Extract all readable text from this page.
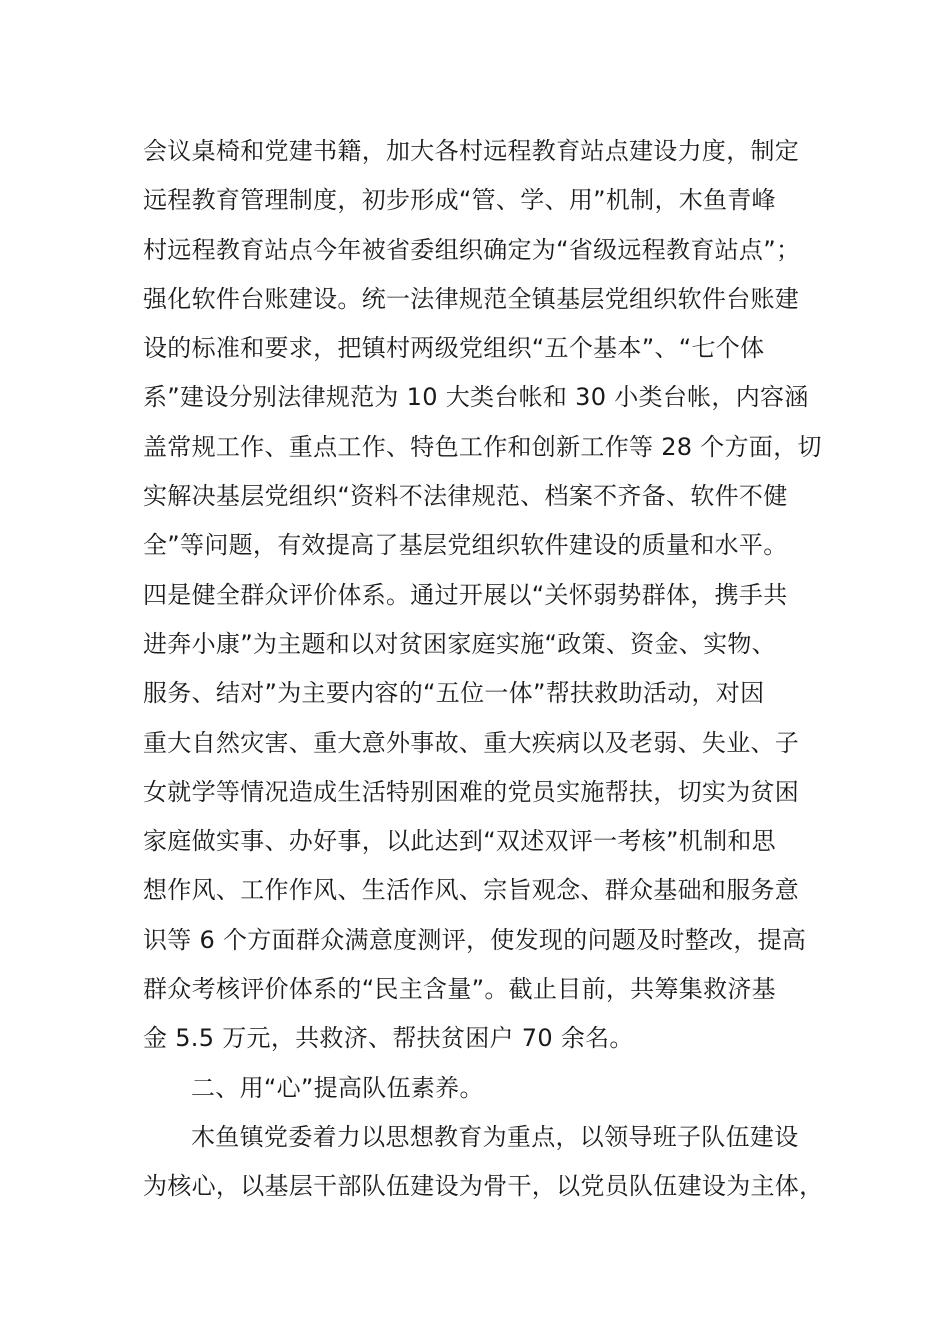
会议桌椅和党建书籍，加大各村远程教育站点建设力度，制定
远程教育管理制度，初步形成“管、学、用”机制，木鱼青峰
村远程教育站点今年被省委组织确定为“省级远程教育站点”；
强化软件台账建设。统一法律规范全镇基层党组织软件台账建
设的标准和要求，把镇村两级党组织“五个基本”、“七个体
系”建设分别法律规范为 10 大类台帐和 30 小类台帐，内容涵
盖常规工作、重点工作、特色工作和创新工作等 28 个方面，切
实解决基层党组织“资料不法律规范、档案不齐备、软件不健
全”等问题，有效提高了基层党组织软件建设的质量和水平。
四是健全群众评价体系。通过开展以“关怀弱势群体，携手共
进奔小康”为主题和以对贫困家庭实施“政策、资金、实物、
服务、结对”为主要内容的“五位一体”帮扶救助活动，对因
重大自然灾害、重大意外事故、重大疾病以及老弱、失业、子
女就学等情况造成生活特别困难的党员实施帮扶，切实为贫困
家庭做实事、办好事，以此达到“双述双评一考核”机制和思
想作风、工作作风、生活作风、宗旨观念、群众基础和服务意
识等 6 个方面群众满意度测评，使发现的问题及时整改，提高
群众考核评价体系的“民主含量”。截止目前，共筹集救济基
金 5.5 万元，共救济、帮扶贫困户 70 余名。
二、用“心”提高队伍素养。
木鱼镇党委着力以思想教育为重点，以领导班子队伍建设
为核心，以基层干部队伍建设为骨干，以党员队伍建设为主体，
